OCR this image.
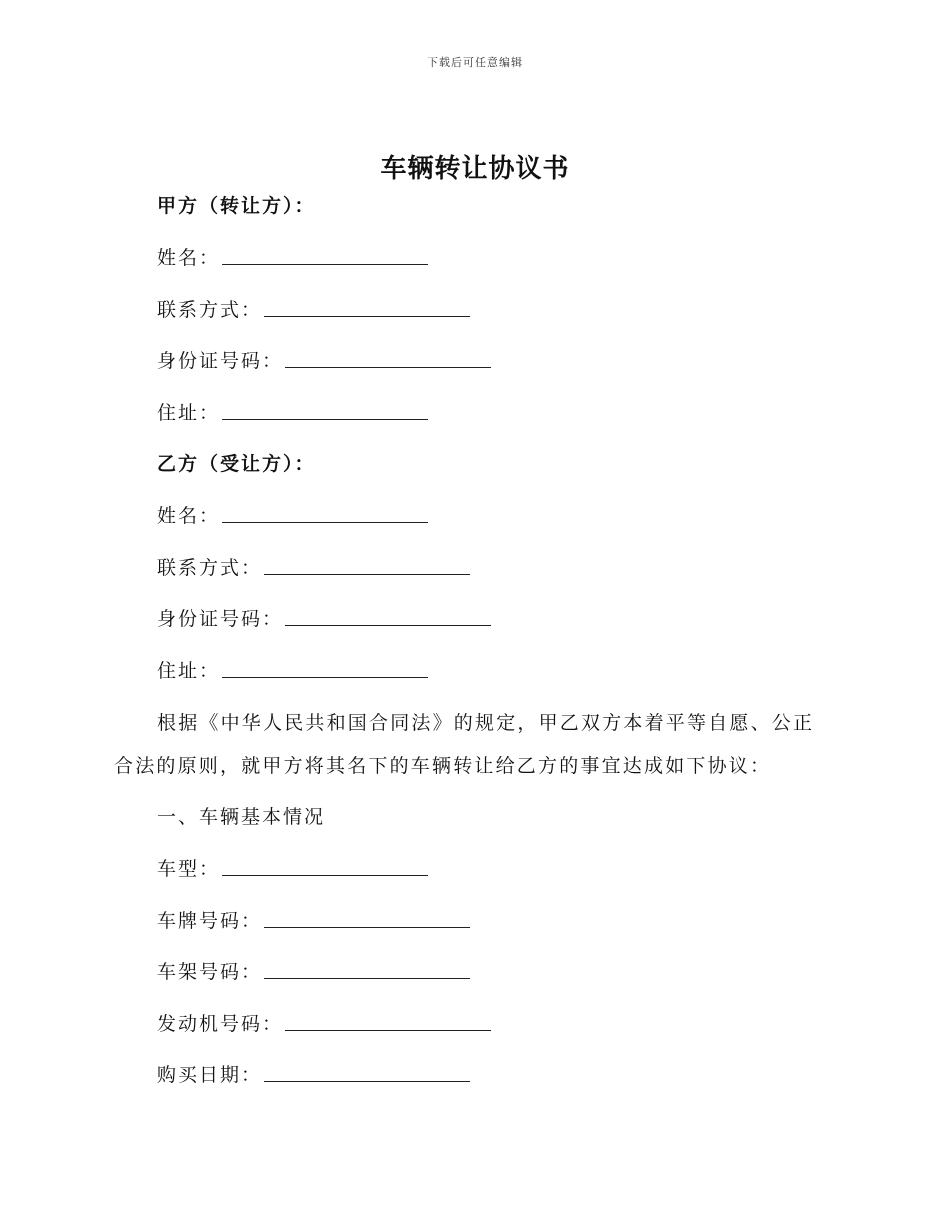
下载后可任意编辑
车辆转让协议书
甲方（转让方）：
姓名：
联系方式：
身份证号码：
住址：
乙方（受让方）：
姓名：
联系方式：
身份证号码：
住址：
根据《中华人民共和国合同法》的规定，甲乙双方本着平等自愿、公正
合法的原则，就甲方将其名下的车辆转让给乙方的事宜达成如下协议：
一、车辆基本情况
车型：
车牌号码：
车架号码：
发动机号码：
购买日期：
